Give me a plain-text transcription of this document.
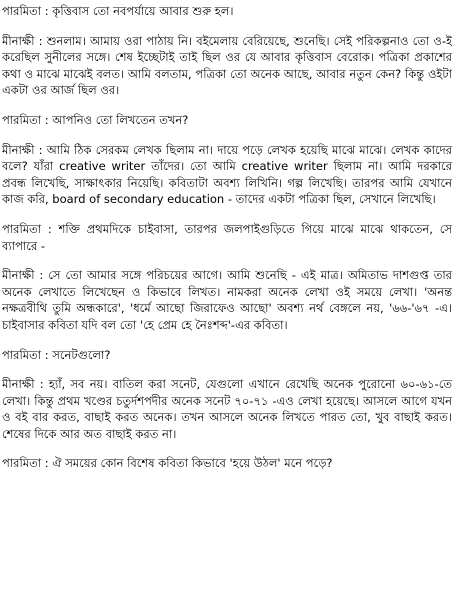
পারমিতা : কৃত্তিবাস তো নবপর্যায়ে আবার শুরু হল।

মীনাক্ষী : শুনলাম। আমায় ওরা পাঠায় নি। বইমেলায় বেরিয়েছে, শুনেছি। সেই পরিকল্পনাও তো ও-ই করেছিল সুনীলের সঙ্গে। শেষ ইচ্ছেটাই তাই ছিল ওর যে আবার কৃত্তিবাস বেরোক। পত্রিকা প্রকাশের কথা ও মাঝে মাঝেই বলত। আমি বলতাম, পত্রিকা তো অনেক আছে, আবার নতুন কেন? কিন্তু ওইটা একটা ওর আর্জ ছিল ওর।

পারমিতা : আপনিও তো লিখতেন তখন?

মীনাক্ষী : আমি ঠিক সেরকম লেখক ছিলাম না। দায়ে পড়ে লেখক হয়েছি মাঝে মাঝে। লেখক কাদের বলে? যাঁরা creative writer তাঁদের। তো আমি creative writer ছিলাম না। আমি দরকারে প্রবন্ধ লিখেছি, সাক্ষাৎকার নিয়েছি। কবিতাটা অবশ্য লিখিনি। গল্প লিখেছি। তারপর আমি যেখানে কাজ করি, board of secondary education - তাদের একটা পত্রিকা ছিল, সেখানে লিখেছি।

পারমিতা : শক্তি প্রথমদিকে চাইবাসা, তারপর জলপাইগুড়িতে গিয়ে মাঝে মাঝে থাকতেন, সে ব্যাপারে -

মীনাক্ষী : সে তো আমার সঙ্গে পরিচয়ের আগে। আমি শুনেছি - এই মাত্র। অমিতাভ দাশগুপ্ত তার অনেক লেখাতে লিখেছেন ও কিভাবে লিখত। নামকরা অনেক লেখা ওই সময়ে লেখা। 'অনন্ত নক্ষত্রবীথি তুমি অন্ধকারে', 'ধর্মে আছো জিরাফেও আছো' অবশ্য নর্থ বেঙ্গলে নয়, '৬৬-'৬৭ -এ। চাইবাসার কবিতা যদি বল তো 'হে প্রেম হে নৈঃশব্দ'-এর কবিতা।

পারমিতা : সনেটগুলো?

মীনাক্ষী : হ্যাঁ, সব নয়। বাতিল করা সনেট, যেগুলো এখানে রেখেছি অনেক পুরোনো ৬০-৬১-তে লেখা। কিন্তু প্রথম খণ্ডের চতুর্দশপদীর অনেক সনেট ৭০-৭১ -এও লেখা হয়েছে। আসলে আগে যখন ও বই বার করত, বাছাই করত অনেক। তখন আসলে অনেক লিখতে পারত তো, খুব বাছাই করত। শেষের দিকে আর অত বাছাই করত না।

পারমিতা : ঐ সময়ের কোন বিশেষ কবিতা কিভাবে 'হয়ে উঠল' মনে পড়ে?
